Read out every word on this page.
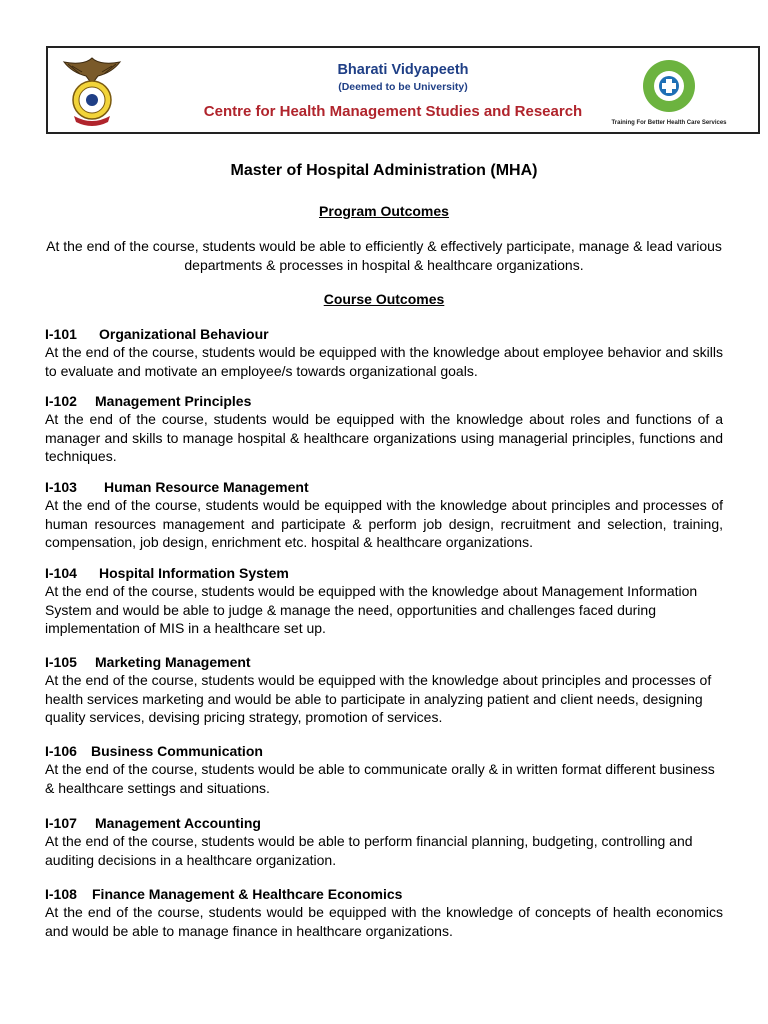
Bharati Vidyapeeth
(Deemed to be University)
Centre for Health Management Studies and Research
Training For Better Health Care Services
Master of Hospital Administration (MHA)
Program Outcomes
At the end of the course, students would be able to efficiently & effectively participate, manage & lead various departments & processes in hospital & healthcare organizations.
Course Outcomes
I-101 Organizational Behaviour
At the end of the course, students would be equipped with the knowledge about employee behavior and skills to evaluate and motivate an employee/s towards organizational goals.
I-102 Management Principles
At the end of the course, students would be equipped with the knowledge about roles and functions of a manager and skills to manage hospital & healthcare organizations using managerial principles, functions and techniques.
I-103 Human Resource Management
At the end of the course, students would be equipped with the knowledge about principles and processes of human resources management and participate & perform job design, recruitment and selection, training, compensation, job design, enrichment etc. hospital & healthcare organizations.
I-104 Hospital Information System
At the end of the course, students would be equipped with the knowledge about Management Information System and would be able to judge & manage the need, opportunities and challenges faced during implementation of MIS in a healthcare set up.
I-105 Marketing Management
At the end of the course, students would be equipped with the knowledge about principles and processes of health services marketing and would be able to participate in analyzing patient and client needs, designing quality services, devising pricing strategy, promotion of services.
I-106 Business Communication
At the end of the course, students would be able to communicate orally & in written format different business & healthcare settings and situations.
I-107 Management Accounting
At the end of the course, students would be able to perform financial planning, budgeting, controlling and auditing decisions in a healthcare organization.
I-108 Finance Management & Healthcare Economics
At the end of the course, students would be equipped with the knowledge of concepts of health economics and would be able to manage finance in healthcare organizations.
